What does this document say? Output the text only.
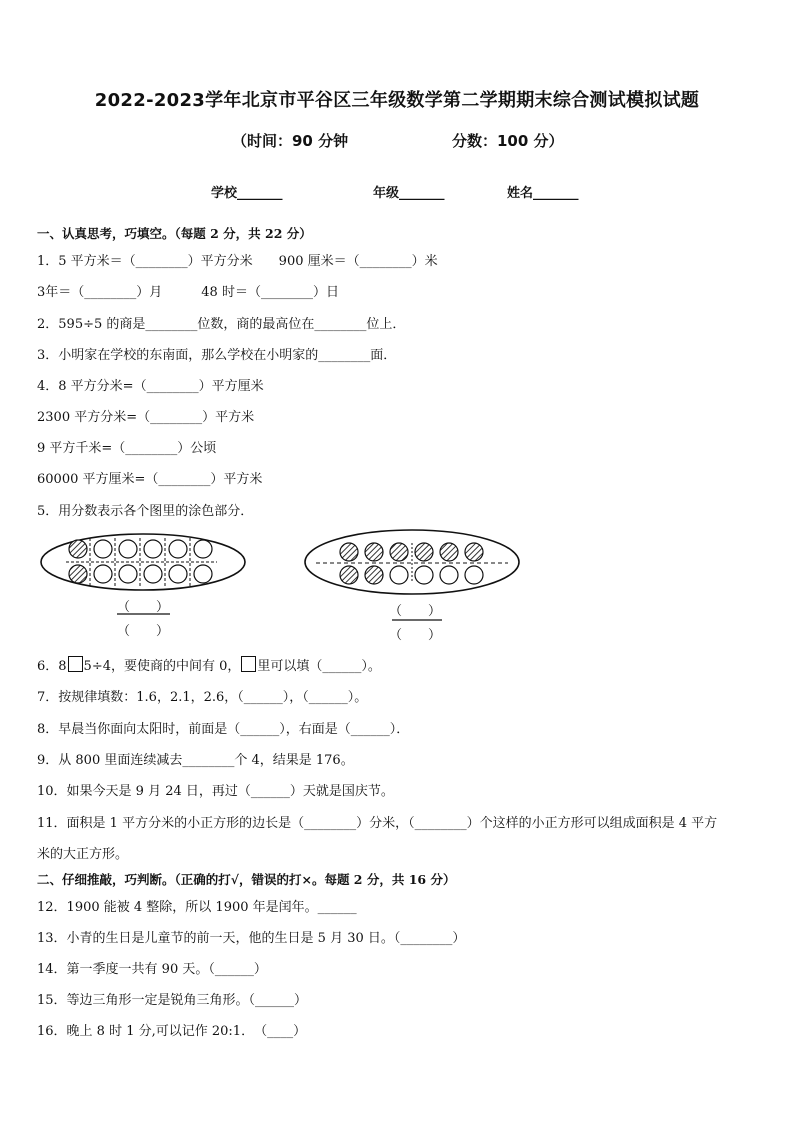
2022-2023学年北京市平谷区三年级数学第二学期期末综合测试模拟试题
（时间：90 分钟	分数：100 分）
学校_______	年级_______	姓名_______
一、认真思考，巧填空。（每题 2 分，共 22 分）
1．5 平方米＝（________）平方分米　　900 厘米＝（________）米
3年＝（________）月　　　48 时＝（________）日
2．595÷5 的商是________位数，商的最高位在________位上．
3．小明家在学校的东南面，那么学校在小明家的________面．
4．8 平方分米=（________）平方厘米
2300 平方分米=（________）平方米
9 平方千米=（________）公顷
60000 平方厘米=（________）平方米
5．用分数表示各个图里的涂色部分．
（　　）
（　　）
（　　）
（　　）
6．8 5÷4，要使商的中间有 0， 里可以填（______）。
7．按规律填数：1.6，2.1，2.6，（______），（______）。
8．早晨当你面向太阳时，前面是（______），右面是（______）．
9．从 800 里面连续减去________个 4，结果是 176。
10．如果今天是 9 月 24 日，再过（______）天就是国庆节。
11．面积是 1 平方分米的小正方形的边长是（________）分米，（________）个这样的小正方形可以组成面积是 4 平方
米的大正方形。
二、仔细推敲，巧判断。（正确的打√，错误的打×。每题 2 分，共 16 分）
12．1900 能被 4 整除，所以 1900 年是闰年。______
13．小青的生日是儿童节的前一天，他的生日是 5 月 30 日。（________）
14．第一季度一共有 90 天。（______）
15．等边三角形一定是锐角三角形。（______）
16．晚上 8 时 1 分,可以记作 20:1．　（____）
